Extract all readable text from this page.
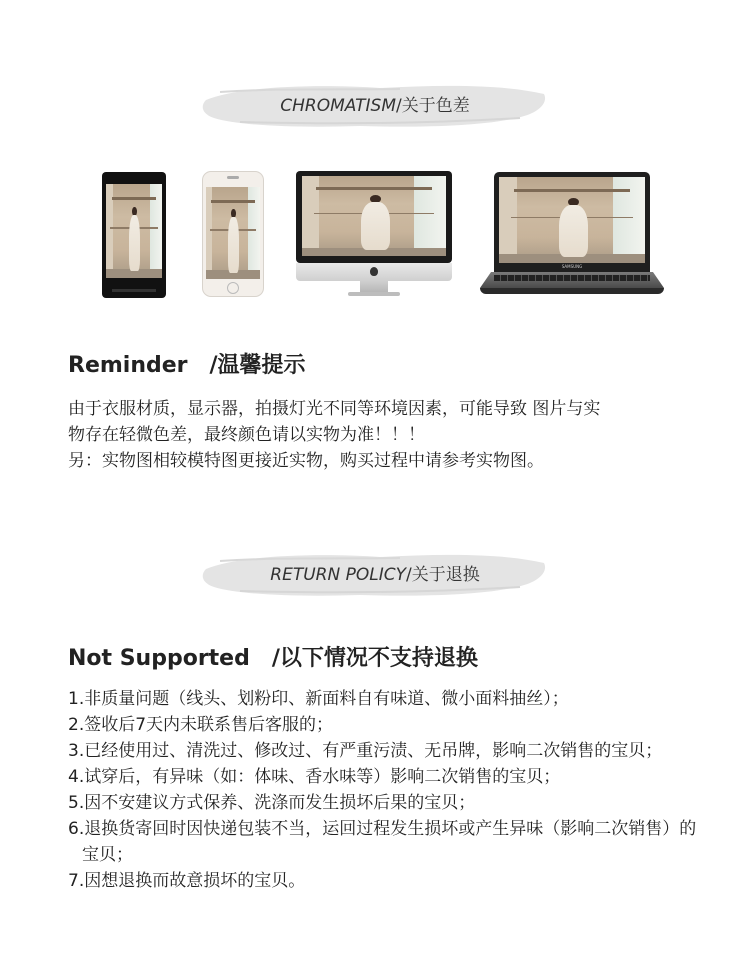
CHROMATISM/关于色差
SAMSUNG
Reminder /温馨提示
由于衣服材质，显示器，拍摄灯光不同等环境因素，可能导致 图片与实
物存在轻微色差，最终颜色请以实物为准！！！
另：实物图相较模特图更接近实物，购买过程中请参考实物图。
RETURN POLICY/关于退换
Not Supported /以下情况不支持退换
1.非质量问题（线头、划粉印、新面料自有味道、微小面料抽丝）；
2.签收后7天内未联系售后客服的；
3.已经使用过、清洗过、修改过、有严重污渍、无吊牌，影响二次销售的宝贝；
4.试穿后，有异味（如：体味、香水味等）影响二次销售的宝贝；
5.因不安建议方式保养、洗涤而发生损坏后果的宝贝；
6.退换货寄回时因快递包装不当，运回过程发生损坏或产生异味（影响二次销售）的宝贝；
7.因想退换而故意损坏的宝贝。
